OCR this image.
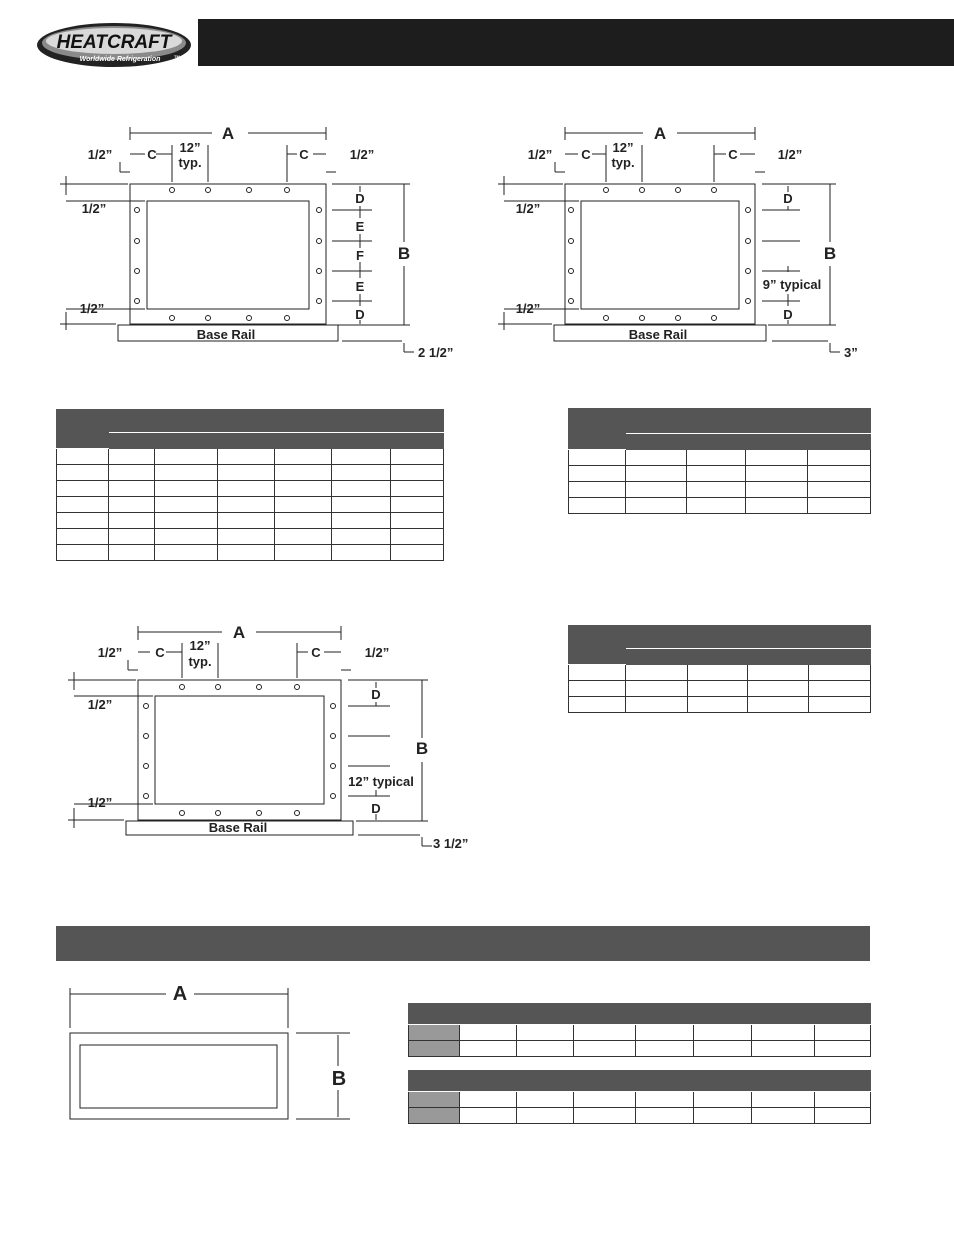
HEATCRAFT
Worldwide Refrigeration	TM
A
1/2”	C 12”
typ.
C	1/2”
1/2”
1/2”
D
E
F
E
D
B
Base Rail
2 1/2”
A
1/2” C 12”
typ.
C	1/2”
1/2”
1/2”
D
9” typical
D
B
Base Rail
3”
A
1/2”	C 12”
typ.
C	1/2”
1/2”
1/2”
D
12” typical
D
B
Base Rail
3 1/2”
A
B
